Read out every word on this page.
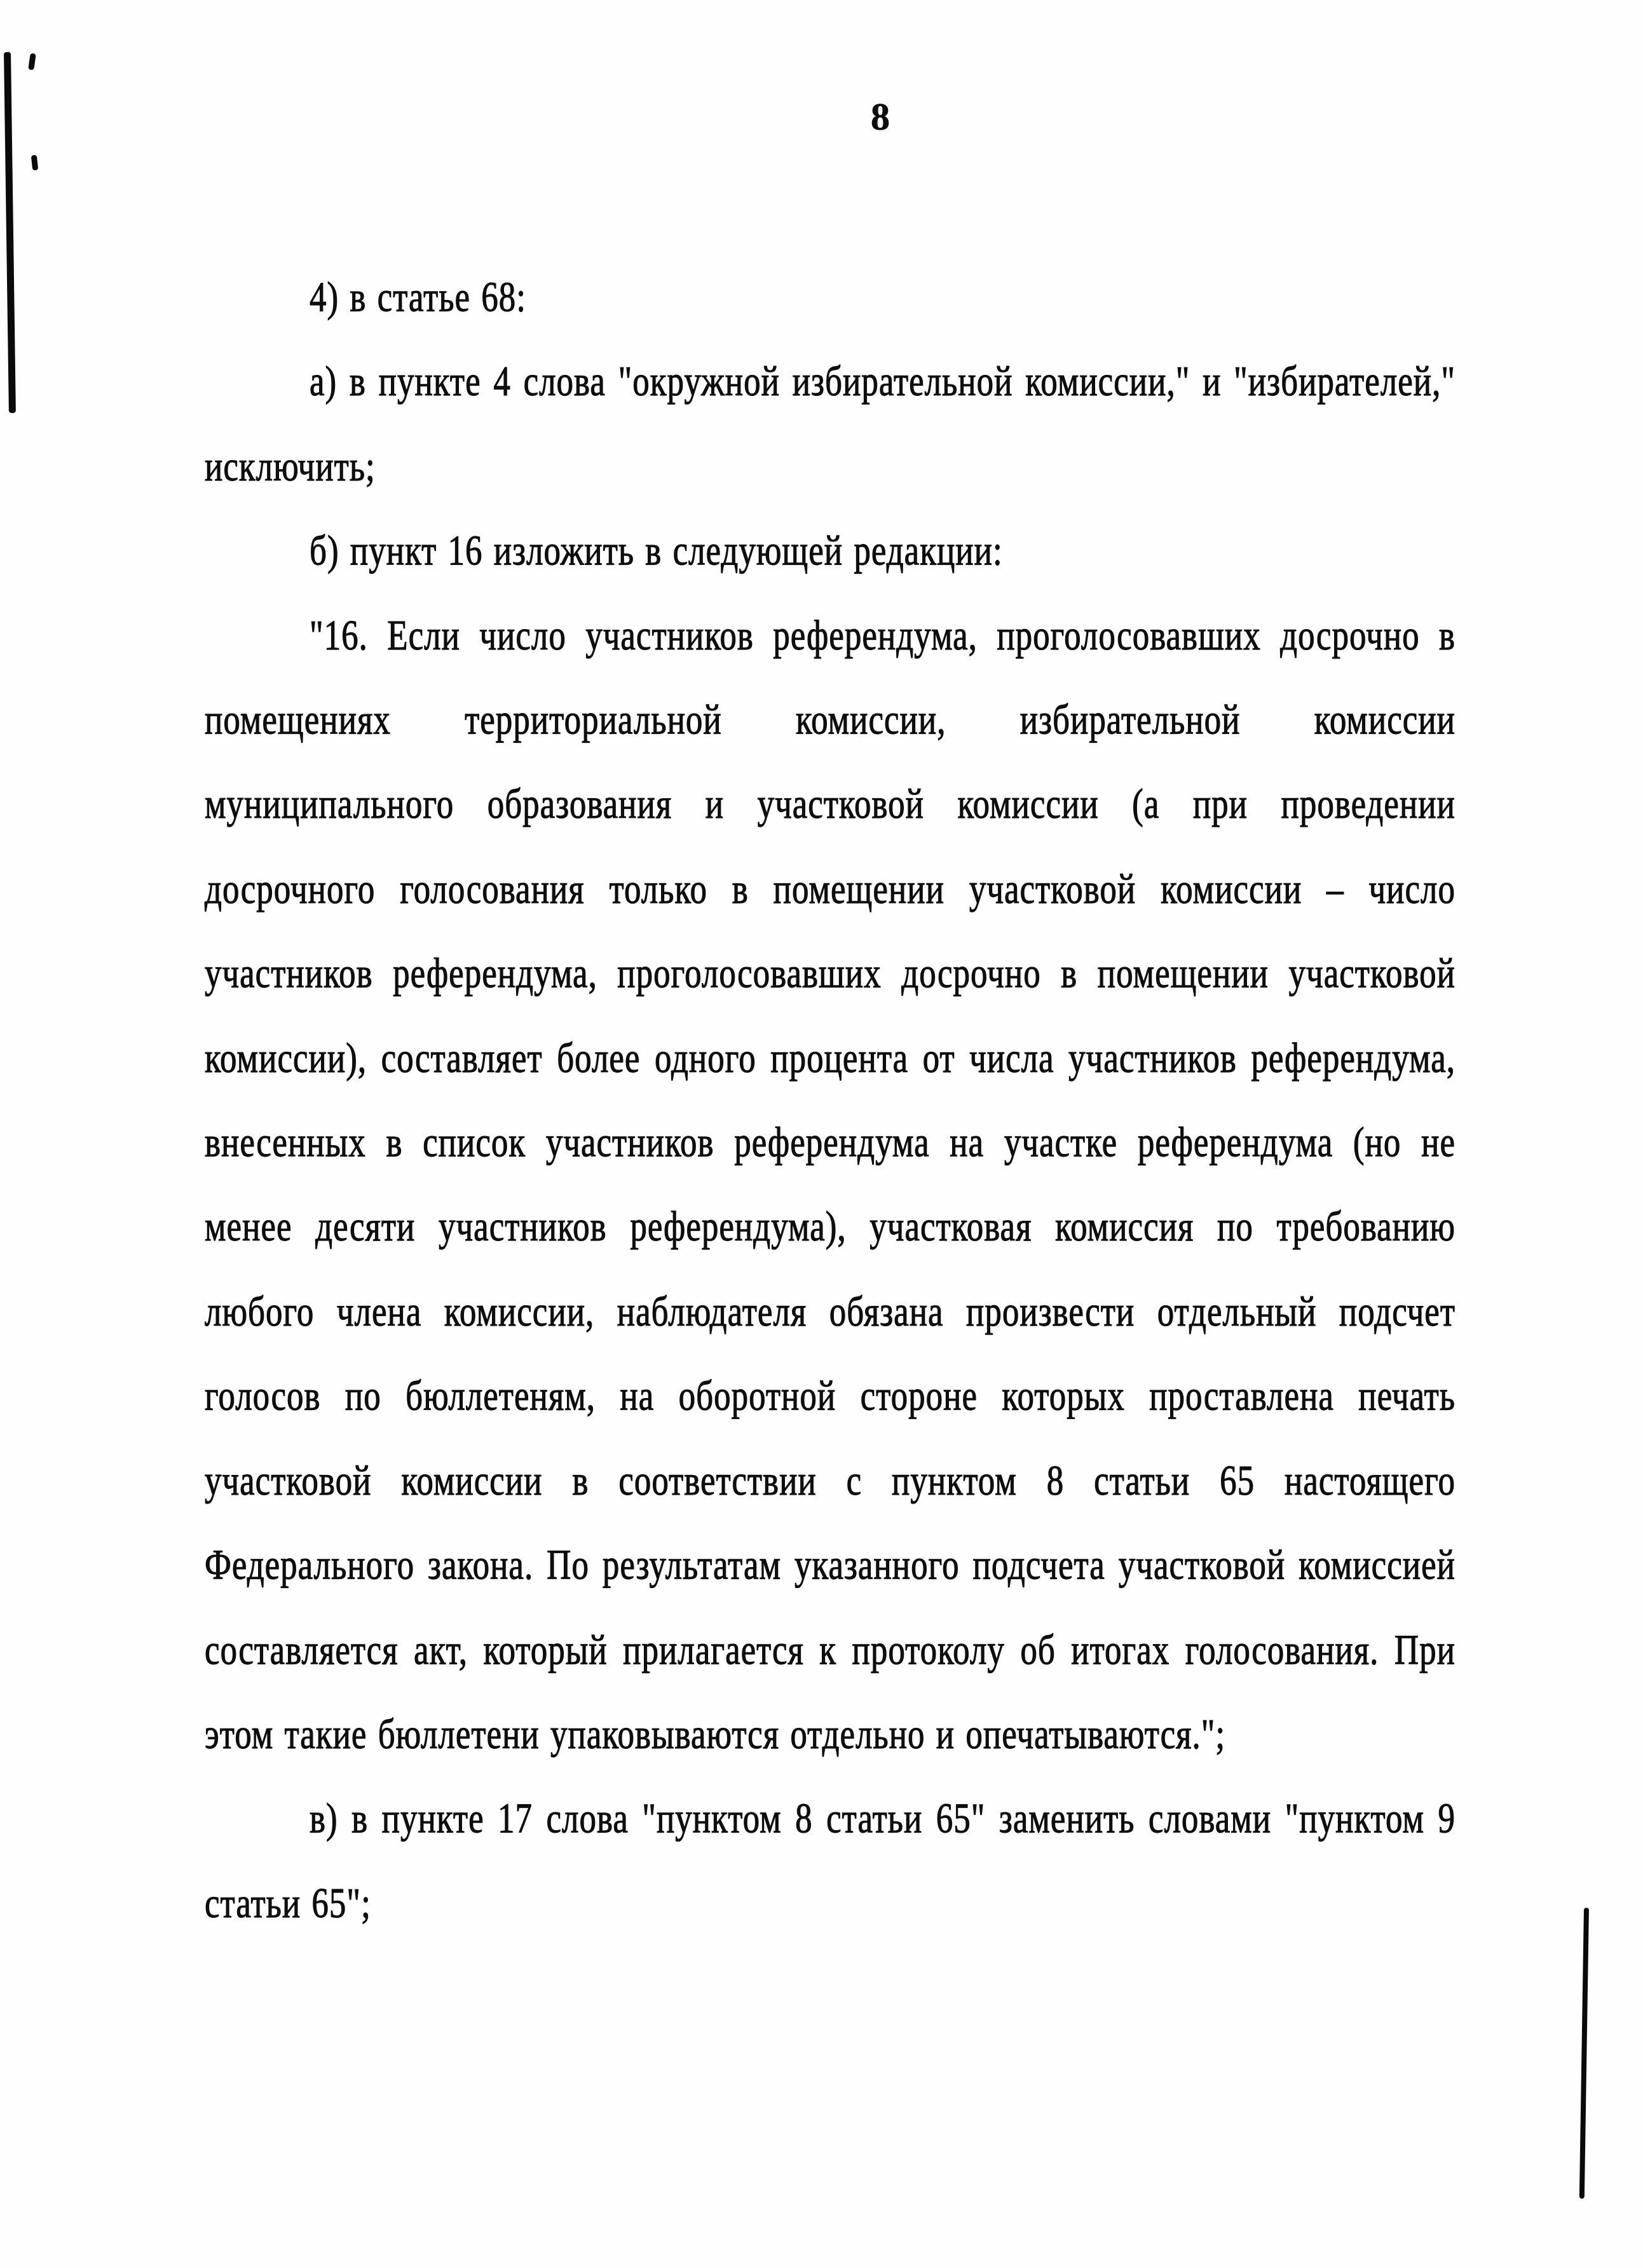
8

4) в статье 68:

а) в пункте 4 слова "окружной избирательной комиссии," и "избирателей," исключить;

б) пункт 16 изложить в следующей редакции:

"16. Если число участников референдума, проголосовавших досрочно в помещениях территориальной комиссии, избирательной комиссии муниципального образования и участковой комиссии (а при проведении досрочного голосования только в помещении участковой комиссии – число участников референдума, проголосовавших досрочно в помещении участковой комиссии), составляет более одного процента от числа участников референдума, внесенных в список участников референдума на участке референдума (но не менее десяти участников референдума), участковая комиссия по требованию любого члена комиссии, наблюдателя обязана произвести отдельный подсчет голосов по бюллетеням, на оборотной стороне которых проставлена печать участковой комиссии в соответствии с пунктом 8 статьи 65 настоящего Федерального закона. По результатам указанного подсчета участковой комиссией составляется акт, который прилагается к протоколу об итогах голосования. При этом такие бюллетени упаковываются отдельно и опечатываются.";

в) в пункте 17 слова "пунктом 8 статьи 65" заменить словами "пунктом 9 статьи 65";
